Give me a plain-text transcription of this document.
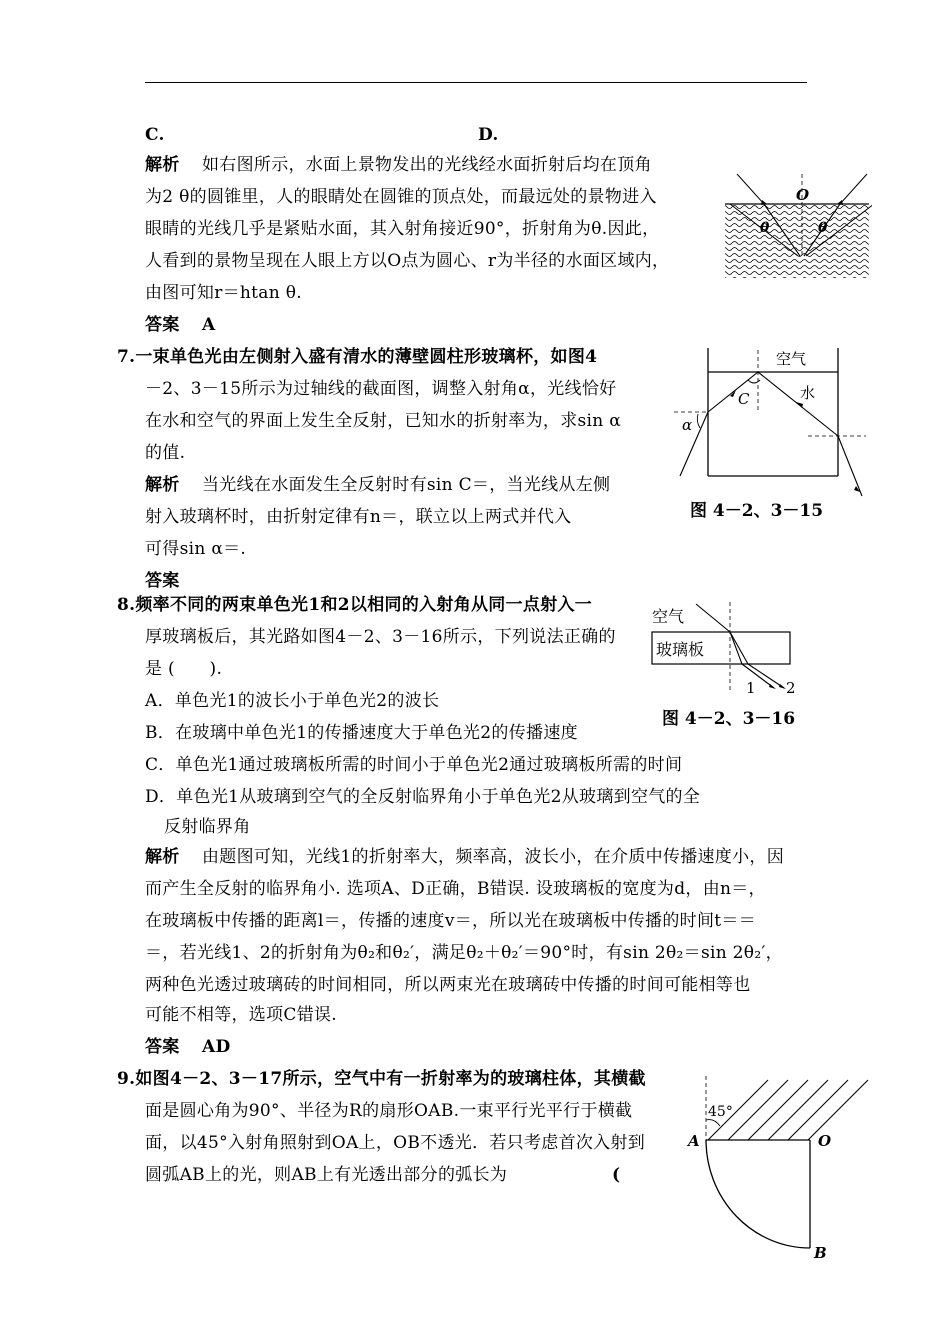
C.	D.
解析 如右图所示，水面上景物发出的光线经水面折射后均在顶角
为2 θ的圆锥里，人的眼睛处在圆锥的顶点处，而最远处的景物进入
眼睛的光线几乎是紧贴水面，其入射角接近90°，折射角为θ.因此，
人看到的景物呈现在人眼上方以O点为圆心、r为半径的水面区域内，
由图可知r＝htan θ.
答案 A
O
θ	θ
7.一束单色光由左侧射入盛有清水的薄壁圆柱形玻璃杯，如图4
－2、3－15所示为过轴线的截面图，调整入射角α，光线恰好
在水和空气的界面上发生全反射，已知水的折射率为，求sin α
的值.
解析 当光线在水面发生全反射时有sin C＝，当光线从左侧
射入玻璃杯时，由折射定律有n＝，联立以上两式并代入
可得sin α＝.
答案
空气
水
C
α
图 4－2、3－15
8.频率不同的两束单色光1和2以相同的入射角从同一点射入一
厚玻璃板后，其光路如图4－2、3－16所示，下列说法正确的
是 (　　).
A．单色光1的波长小于单色光2的波长
B．在玻璃中单色光1的传播速度大于单色光2的传播速度
C．单色光1通过玻璃板所需的时间小于单色光2通过玻璃板所需的时间
D．单色光1从玻璃到空气的全反射临界角小于单色光2从玻璃到空气的全
反射临界角
空气
玻璃板
1 2
图 4－2、3－16
解析 由题图可知，光线1的折射率大，频率高，波长小，在介质中传播速度小，因
而产生全反射的临界角小. 选项A、D正确，B错误. 设玻璃板的宽度为d，由n＝，
在玻璃板中传播的距离l＝，传播的速度v＝，所以光在玻璃板中传播的时间t＝＝
＝，若光线1、2的折射角为θ₂和θ₂′，满足θ₂＋θ₂′＝90°时，有sin 2θ₂＝sin 2θ₂′，
两种色光透过玻璃砖的时间相同，所以两束光在玻璃砖中传播的时间可能相等也
可能不相等，选项C错误.
答案 AD
9.如图4－2、3－17所示，空气中有一折射率为的玻璃柱体，其横截
面是圆心角为90°、半径为R的扇形OAB.一束平行光平行于横截
面，以45°入射角照射到OA上，OB不透光．若只考虑首次入射到
圆弧AB上的光，则AB上有光透出部分的弧长为	(
45°
A	O
B
